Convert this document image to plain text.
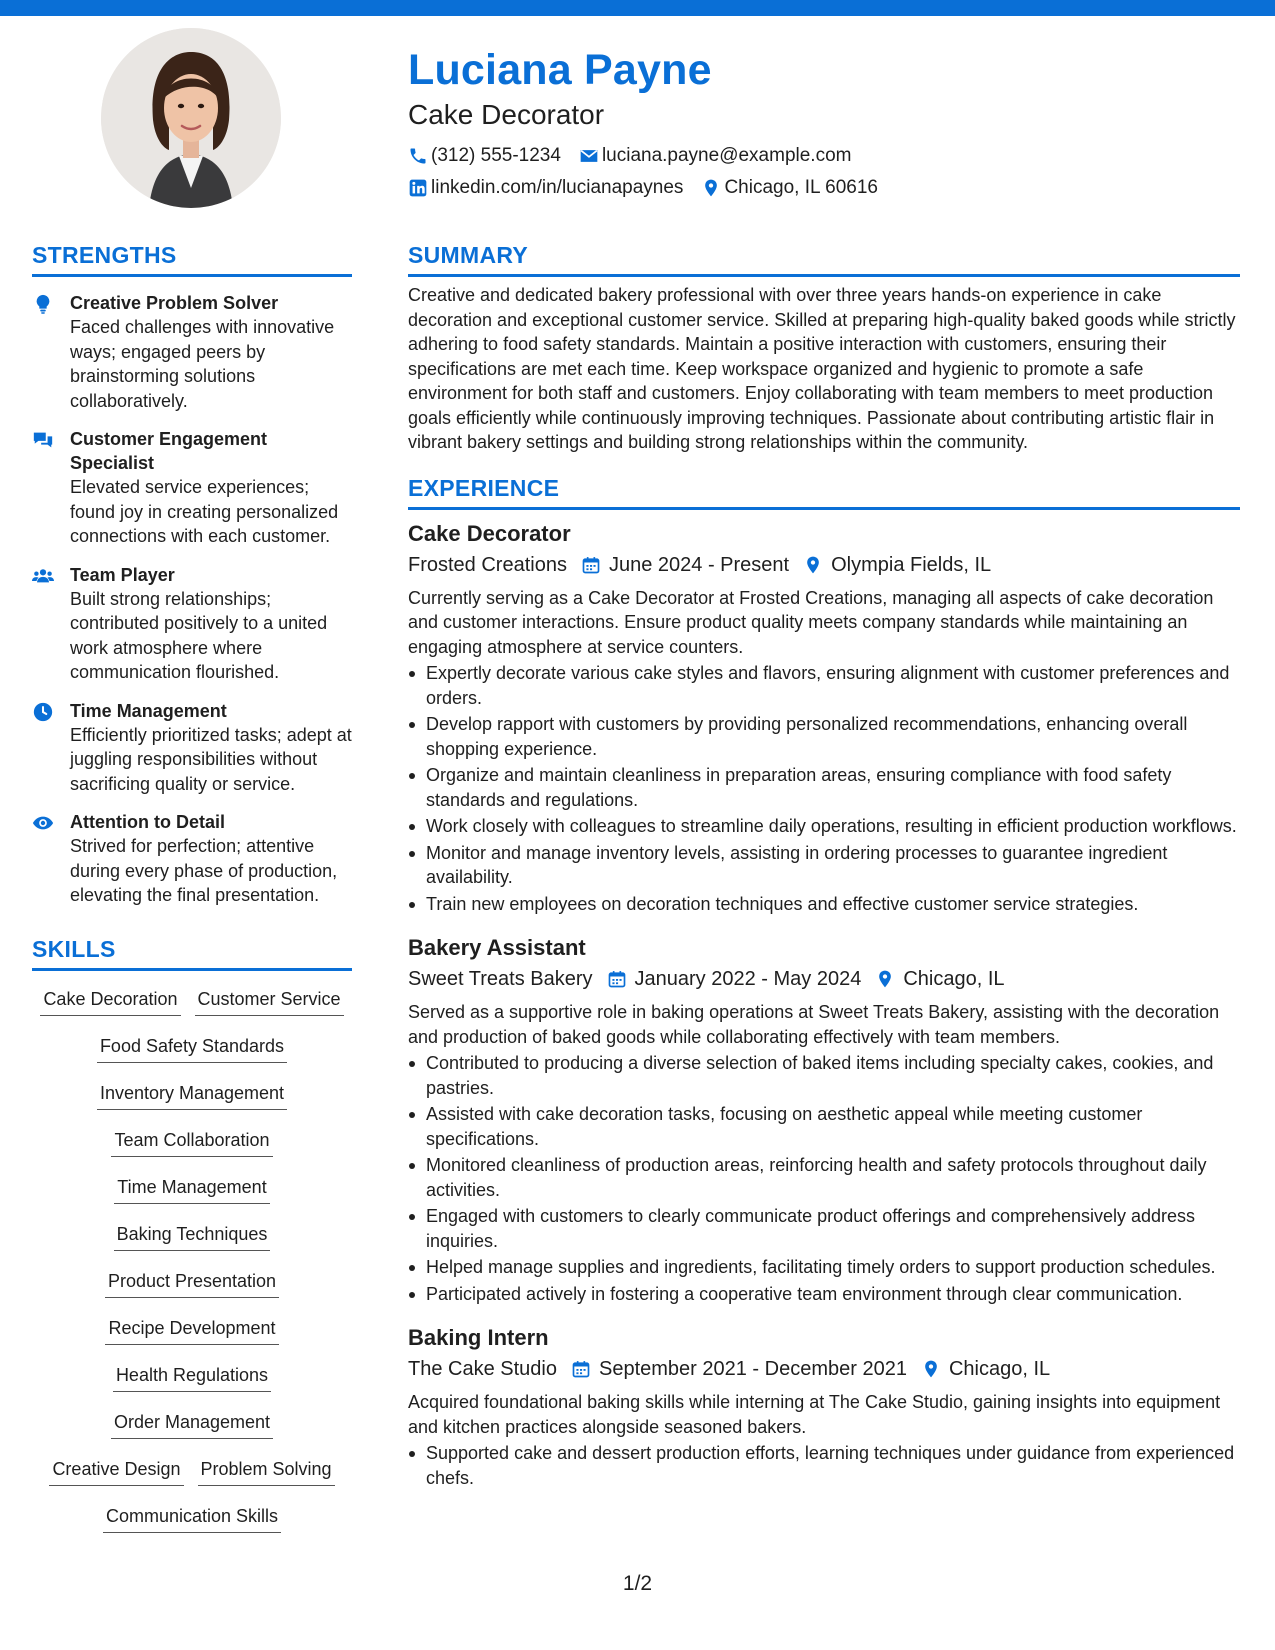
Luciana Payne
Cake Decorator
(312) 555-1234 luciana.payne@example.com
linkedin.com/in/lucianapaynes Chicago, IL 60616
STRENGTHS
Creative Problem Solver
Faced challenges with innovative ways; engaged peers by brainstorming solutions collaboratively.
Customer Engagement Specialist
Elevated service experiences; found joy in creating personalized connections with each customer.
Team Player
Built strong relationships; contributed positively to a united work atmosphere where communication flourished.
Time Management
Efficiently prioritized tasks; adept at juggling responsibilities without sacrificing quality or service.
Attention to Detail
Strived for perfection; attentive during every phase of production, elevating the final presentation.
SKILLS
Cake Decoration Customer Service
Food Safety Standards
Inventory Management
Team Collaboration
Time Management
Baking Techniques
Product Presentation
Recipe Development
Health Regulations
Order Management
Creative Design Problem Solving
Communication Skills
SUMMARY
Creative and dedicated bakery professional with over three years hands-on experience in cake decoration and exceptional customer service. Skilled at preparing high-quality baked goods while strictly adhering to food safety standards. Maintain a positive interaction with customers, ensuring their specifications are met each time. Keep workspace organized and hygienic to promote a safe environment for both staff and customers. Enjoy collaborating with team members to meet production goals efficiently while continuously improving techniques. Passionate about contributing artistic flair in vibrant bakery settings and building strong relationships within the community.
EXPERIENCE
Cake Decorator
Frosted Creations June 2024 - Present Olympia Fields, IL
Currently serving as a Cake Decorator at Frosted Creations, managing all aspects of cake decoration and customer interactions. Ensure product quality meets company standards while maintaining an engaging atmosphere at service counters.
Expertly decorate various cake styles and flavors, ensuring alignment with customer preferences and orders.
Develop rapport with customers by providing personalized recommendations, enhancing overall shopping experience.
Organize and maintain cleanliness in preparation areas, ensuring compliance with food safety standards and regulations.
Work closely with colleagues to streamline daily operations, resulting in efficient production workflows.
Monitor and manage inventory levels, assisting in ordering processes to guarantee ingredient availability.
Train new employees on decoration techniques and effective customer service strategies.
Bakery Assistant
Sweet Treats Bakery January 2022 - May 2024 Chicago, IL
Served as a supportive role in baking operations at Sweet Treats Bakery, assisting with the decoration and production of baked goods while collaborating effectively with team members.
Contributed to producing a diverse selection of baked items including specialty cakes, cookies, and pastries.
Assisted with cake decoration tasks, focusing on aesthetic appeal while meeting customer specifications.
Monitored cleanliness of production areas, reinforcing health and safety protocols throughout daily activities.
Engaged with customers to clearly communicate product offerings and comprehensively address inquiries.
Helped manage supplies and ingredients, facilitating timely orders to support production schedules.
Participated actively in fostering a cooperative team environment through clear communication.
Baking Intern
The Cake Studio September 2021 - December 2021 Chicago, IL
Acquired foundational baking skills while interning at The Cake Studio, gaining insights into equipment and kitchen practices alongside seasoned bakers.
Supported cake and dessert production efforts, learning techniques under guidance from experienced chefs.
1/2
